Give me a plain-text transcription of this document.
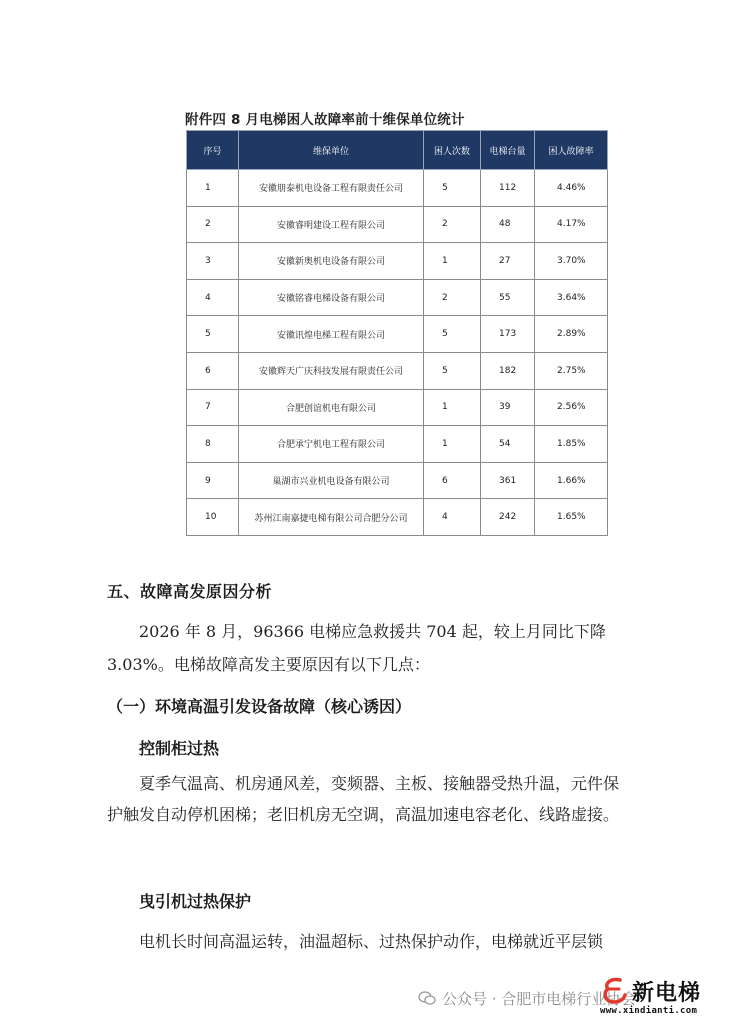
附件四 8 月电梯困人故障率前十维保单位统计
序号	维保单位	困人次数	电梯台量	困人故障率
1	安徽朋泰机电设备工程有限责任公司	5	112	4.46%
2	安徽睿明建设工程有限公司	2	48	4.17%
3	安徽新奥机电设备有限公司	1	27	3.70%
4	安徽铭睿电梯设备有限公司	2	55	3.64%
5	安徽讯煌电梯工程有限公司	5	173	2.89%
6	安徽辉天广庆科技发展有限责任公司	5	182	2.75%
7	合肥创谊机电有限公司	1	39	2.56%
8	合肥承宁机电工程有限公司	1	54	1.85%
9	巢湖市兴业机电设备有限公司	6	361	1.66%
10	苏州江南嘉捷电梯有限公司合肥分公司	4	242	1.65%
五、故障高发原因分析

2026 年 8 月，96366 电梯应急救援共 704 起，较上月同比下降 3.03%。电梯故障高发主要原因有以下几点：

（一）环境高温引发设备故障（核心诱因）
控制柜过热

夏季气温高、机房通风差，变频器、主板、接触器受热升温，元件保护触发自动停机困梯；老旧机房无空调，高温加速电容老化、线路虚接。

曳引机过热保护

电机长时间高温运转，油温超标、过热保护动作，电梯就近平层锁

公众号 · 合肥市电梯行业协会
新电梯
www.xindianti.com
